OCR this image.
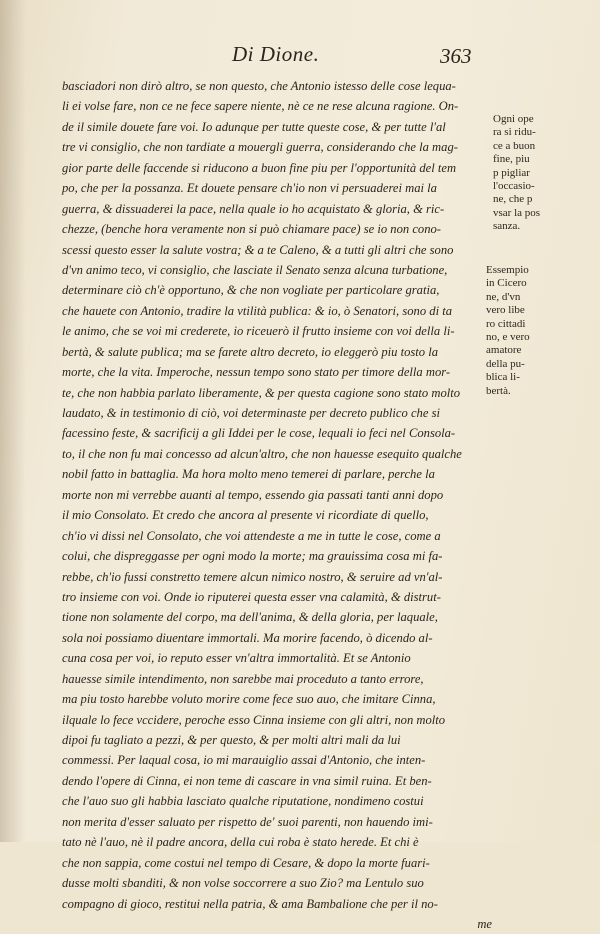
Di Dione.	363
basciadori non dirò altro, se non questo, che Antonio istesso delle cose lequa-
li ei volse fare, non ce ne fece sapere niente, nè ce ne rese alcuna ragione. On-
de il simile douete fare voi. Io adunque per tutte queste cose, & per tutte l'al
tre vi consiglio, che non tardiate a mouergli guerra, considerando che la mag-
gior parte delle faccende si riducono a buon fine piu per l'opportunità del tem
po, che per la possanza. Et douete pensare ch'io non vi persuaderei mai la
guerra, & dissuaderei la pace, nella quale io ho acquistato & gloria, & ric-
chezze, (benche hora veramente non si può chiamare pace) se io non cono-
scessi questo esser la salute vostra; & a te Caleno, & a tutti gli altri che sono
d'vn animo teco, vi consiglio, che lasciate il Senato senza alcuna turbatione,
determinare ciò ch'è opportuno, & che non vogliate per particolare gratia,
che hauete con Antonio, tradire la vtilità publica: & io, ò Senatori, sono di ta
le animo, che se voi mi crederete, io riceuerò il frutto insieme con voi della li-
bertà, & salute publica; ma se farete altro decreto, io eleggerò piu tosto la
morte, che la vita. Imperoche, nessun tempo sono stato per timore della mor-
te, che non habbia parlato liberamente, & per questa cagione sono stato molto
laudato, & in testimonio di ciò, voi determinaste per decreto publico che si
facessino feste, & sacrificij a gli Iddei per le cose, lequali io feci nel Consola-
to, il che non fu mai concesso ad alcun'altro, che non hauesse esequito qualche
nobil fatto in battaglia. Ma hora molto meno temerei di parlare, perche la
morte non mi verrebbe auanti al tempo, essendo gia passati tanti anni dopo
il mio Consolato. Et credo che ancora al presente vi ricordiate di quello,
ch'io vi dissi nel Consolato, che voi attendeste a me in tutte le cose, come a
colui, che dispreggasse per ogni modo la morte; ma grauissima cosa mi fa-
rebbe, ch'io fussi constretto temere alcun nimico nostro, & seruire ad vn'al-
tro insieme con voi. Onde io riputerei questa esser vna calamità, & distrut-
tione non solamente del corpo, ma dell'anima, & della gloria, per laquale,
sola noi possiamo diuentare immortali. Ma morire facendo, ò dicendo al-
cuna cosa per voi, io reputo esser vn'altra immortalità. Et se Antonio
hauesse simile intendimento, non sarebbe mai proceduto a tanto errore,
ma piu tosto harebbe voluto morire come fece suo auo, che imitare Cinna,
ilquale lo fece vccidere, peroche esso Cinna insieme con gli altri, non molto
dipoi fu tagliato a pezzi, & per questo, & per molti altri mali da lui
commessi. Per laqual cosa, io mi marauiglio assai d'Antonio, che inten-
dendo l'opere di Cinna, ei non teme di cascare in vna simil ruina. Et ben-
che l'auo suo gli habbia lasciato qualche riputatione, nondimeno costui
non merita d'esser saluato per rispetto de' suoi parenti, non hauendo imi-
tato nè l'auo, nè il padre ancora, della cui roba è stato herede. Et chi è
che non sappia, come costui nel tempo di Cesare, & dopo la morte fuari-
dusse molti sbanditi, & non volse soccorrere a suo Zio? ma Lentulo suo
compagno di gioco, restitui nella patria, & ama Bambalione che per il no-
me
Ogni ope
ra si ridu-
ce a buon
fine, piu
p pigliar
l'occasio-
ne, che p
vsar la pos
sanza.
Essempio
in Cicero
ne, d'vn
vero libe
ro cittadi
no, e vero
amatore
della pu-
blica li-
bertà.
